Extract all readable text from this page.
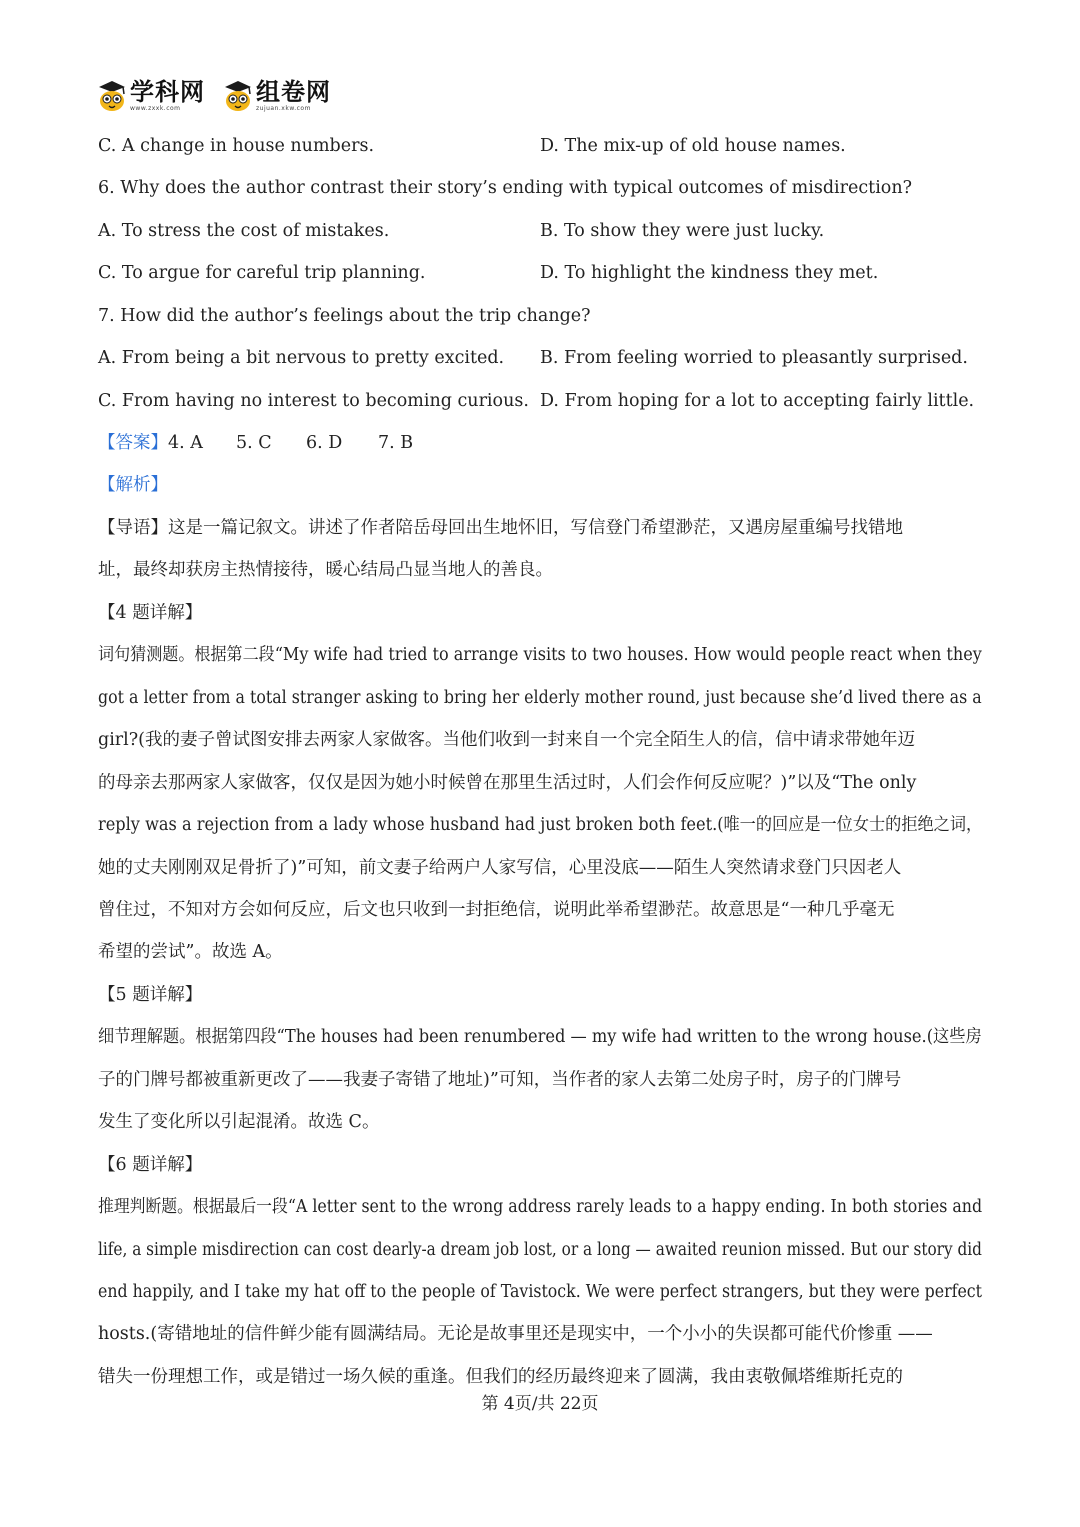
学科网
www.zxxk.com
组卷网
zujuan.xkw.com
C. A change in house numbers.	D. The mix-up of old house names.
6. Why does the author contrast their story’s ending with typical outcomes of misdirection?
A. To stress the cost of mistakes.	B. To show they were just lucky.
C. To argue for careful trip planning.	D. To highlight the kindness they met.
7. How did the author’s feelings about the trip change?
A. From being a bit nervous to pretty excited. B. From feeling worried to pleasantly surprised.
C. From having no interest to becoming curious. D. From hoping for a lot to accepting fairly little.
【答案】4. A 5. C 6. D 7. B
【解析】
【导语】这是一篇记叙文。讲述了作者陪岳母回出生地怀旧，写信登门希望渺茫，又遇房屋重编号找错地
址，最终却获房主热情接待，暖心结局凸显当地人的善良。
【4 题详解】
词句猜测题。根据第二段“My wife had tried to arrange visits to two houses. How would people react when they
got a letter from a total stranger asking to bring her elderly mother round, just because she’d lived there as a
girl?(我的妻子曾试图安排去两家人家做客。当他们收到一封来自一个完全陌生人的信，信中请求带她年迈
的母亲去那两家人家做客，仅仅是因为她小时候曾在那里生活过时，人们会作何反应呢？)”以及“The only
reply was a rejection from a lady whose husband had just broken both feet.(唯一的回应是一位女士的拒绝之词，
她的丈夫刚刚双足骨折了)”可知，前文妻子给两户人家写信，心里没底——陌生人突然请求登门只因老人
曾住过，不知对方会如何反应，后文也只收到一封拒绝信，说明此举希望渺茫。故意思是“一种几乎毫无
希望的尝试”。故选 A。
【5 题详解】
细节理解题。根据第四段“The houses had been renumbered — my wife had written to the wrong house.(这些房
子的门牌号都被重新更改了——我妻子寄错了地址)”可知，当作者的家人去第二处房子时，房子的门牌号
发生了变化所以引起混淆。故选 C。
【6 题详解】
推理判断题。根据最后一段“A letter sent to the wrong address rarely leads to a happy ending. In both stories and
life, a simple misdirection can cost dearly-a dream job lost, or a long — awaited reunion missed. But our story did
end happily, and I take my hat off to the people of Tavistock. We were perfect strangers, but they were perfect
hosts.(寄错地址的信件鲜少能有圆满结局。无论是故事里还是现实中，一个小小的失误都可能代价惨重 ——
错失一份理想工作，或是错过一场久候的重逢。但我们的经历最终迎来了圆满，我由衷敬佩塔维斯托克的
第 4页/共 22页
